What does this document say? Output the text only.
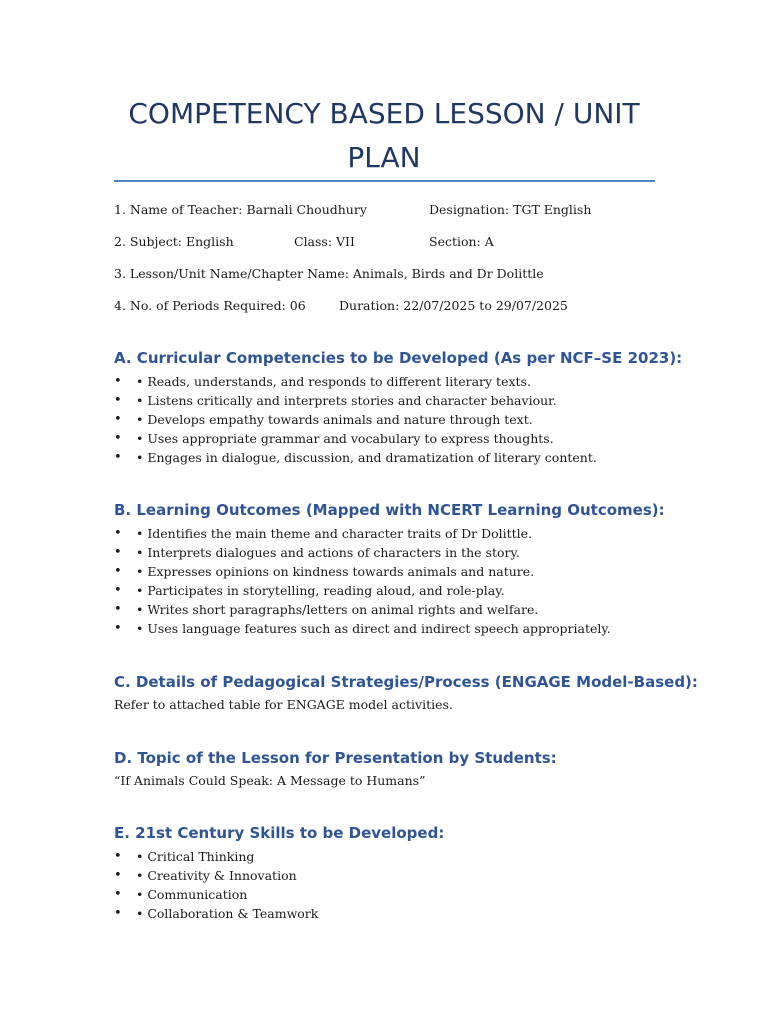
COMPETENCY BASED LESSON / UNIT PLAN
1. Name of Teacher: Barnali Choudhury	Designation: TGT English
2. Subject: English	Class: VII	Section: A
3. Lesson/Unit Name/Chapter Name: Animals, Birds and Dr Dolittle
4. No. of Periods Required: 06	Duration: 22/07/2025 to 29/07/2025
A. Curricular Competencies to be Developed (As per NCF–SE 2023):
•	• Reads, understands, and responds to different literary texts.
•	• Listens critically and interprets stories and character behaviour.
•	• Develops empathy towards animals and nature through text.
•	• Uses appropriate grammar and vocabulary to express thoughts.
•	• Engages in dialogue, discussion, and dramatization of literary content.
B. Learning Outcomes (Mapped with NCERT Learning Outcomes):
•	• Identifies the main theme and character traits of Dr Dolittle.
•	• Interprets dialogues and actions of characters in the story.
•	• Expresses opinions on kindness towards animals and nature.
•	• Participates in storytelling, reading aloud, and role-play.
•	• Writes short paragraphs/letters on animal rights and welfare.
•	• Uses language features such as direct and indirect speech appropriately.
C. Details of Pedagogical Strategies/Process (ENGAGE Model-Based):

Refer to attached table for ENGAGE model activities.

D. Topic of the Lesson for Presentation by Students:

“If Animals Could Speak: A Message to Humans”

E. 21st Century Skills to be Developed:
•	• Critical Thinking
•	• Creativity & Innovation
•	• Communication
•	• Collaboration & Teamwork
